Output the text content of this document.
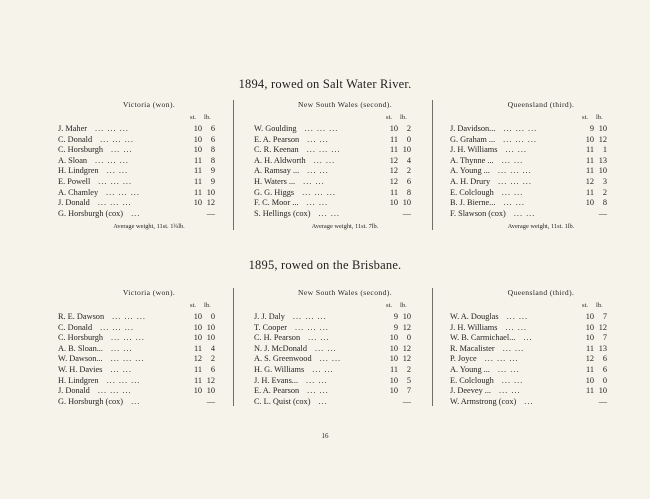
1894, rowed on Salt Water River.
Victoria (won).
st. lb.
J. Maher ... ... ...	10	6
C. Donald ... ... ...	10	6
C. Horsburgh ... ...	10	8
A. Sloan ... ... ...	11	8
H. Lindgren ... ...	11	9
E. Powell ... ... ...	11	9
A. Chamley ... ... ...	11 10
J. Donald ... ... ...	10 12
G. Horsburgh (cox) ...	—
Average weight, 11st. 1¾lb.
New South Wales (second).
st. lb.
W. Goulding ... ... ...	10	2
E. A. Pearson ... ...	11	0
C. R. Keenan ... ... ...	11 10
A. H. Aldworth ... ...	12	4
A. Ramsay ... ... ...	12	2
H. Waters ... ... ...	12	6
G. G. Higgs ... ... ...	11	8
F. C. Moor ... ... ...	10 10
S. Hellings (cox) ... ...	—
Average weight, 11st. 7lb.
Queensland (third).
st. lb.
J. Davidson... ... ... ...	9 10
G. Graham ... ... ... ...	10 12
J. H. Williams ... ...	11	1
A. Thynne ... ... ...	11 13
A. Young ... ... ... ...	11 10
A. H. Drury ... ... ...	12	3
E. Colclough ... ...	11	2
B. J. Bierne... ... ...	10	8
F. Slawson (cox) ... ...	—
Average weight, 11st. 1lb.
1895, rowed on the Brisbane.
Victoria (won).
st. lb.
R. E. Dawson ... ... ...	10	0
C. Donald ... ... ...	10 10
C. Horsburgh ... ... ...	10 10
A. B. Sloan... ... ...	11	4
W. Dawson... ... ... ...	12	2
W. H. Davies ... ...	11	6
H. Lindgren ... ... ...	11 12
J. Donald ... ... ...	10 10
G. Horsburgh (cox) ...	—
New South Wales (second).
st. lb.
J. J. Daly ... ... ...	9 10
T. Cooper ... ... ...	9 12
C. H. Pearson ... ...	10	0
N. J. McDonald ... ...	10 12
A. S. Greenwood ... ...	10 12
H. G. Williams ... ...	11	2
J. H. Evans... ... ...	10	5
E. A. Pearson ... ...	10	7
C. L. Quist (cox) ...	—
Queensland (third).
st. lb.
W. A. Douglas ... ...	10	7
J. H. Williams ... ...	10 12
W. B. Carmichael... ...	10	7
R. Macalister ... ...	11 13
P. Joyce ... ... ...	12	6
A. Young ... ... ...	11	6
E. Colclough ... ...	10	0
J. Deevey ... ... ...	11 10
W. Armstrong (cox) ...	—
16
